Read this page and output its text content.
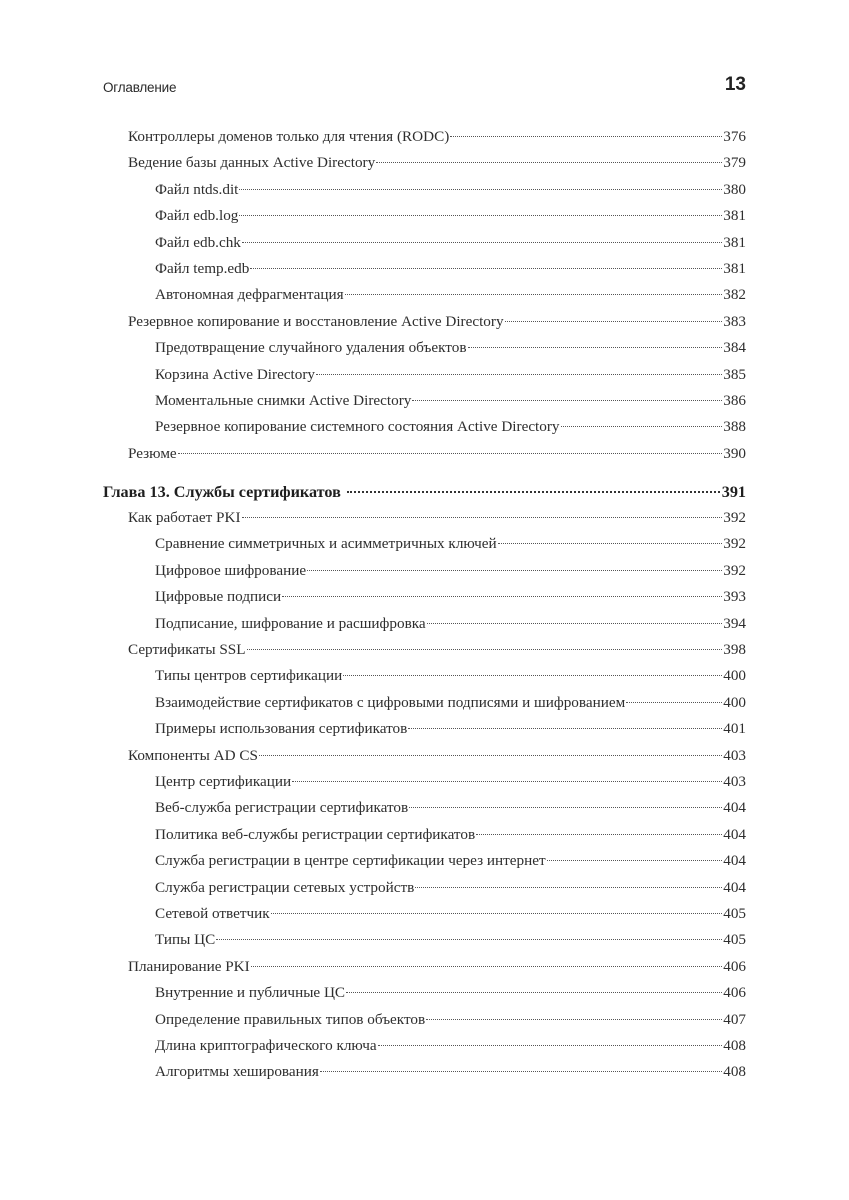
Оглавление	13
Контроллеры доменов только для чтения (RODC)	376
Ведение базы данных Active Directory	379
Файл ntds.dit	380
Файл edb.log	381
Файл edb.chk	381
Файл temp.edb	381
Автономная дефрагментация	382
Резервное копирование и восстановление Active Directory	383
Предотвращение случайного удаления объектов	384
Корзина Active Directory	385
Моментальные снимки Active Directory	386
Резервное копирование системного состояния Active Directory	388
Резюме	390
Глава 13. Службы сертификатов	391
Как работает PKI	392
Сравнение симметричных и асимметричных ключей	392
Цифровое шифрование	392
Цифровые подписи	393
Подписание, шифрование и расшифровка	394
Сертификаты SSL	398
Типы центров сертификации	400
Взаимодействие сертификатов с цифровыми подписями и шифрованием	400
Примеры использования сертификатов	401
Компоненты AD CS	403
Центр сертификации	403
Веб-служба регистрации сертификатов	404
Политика веб-службы регистрации сертификатов	404
Служба регистрации в центре сертификации через интернет	404
Служба регистрации сетевых устройств	404
Сетевой ответчик	405
Типы ЦС	405
Планирование PKI	406
Внутренние и публичные ЦС	406
Определение правильных типов объектов	407
Длина криптографического ключа	408
Алгоритмы хеширования	408
